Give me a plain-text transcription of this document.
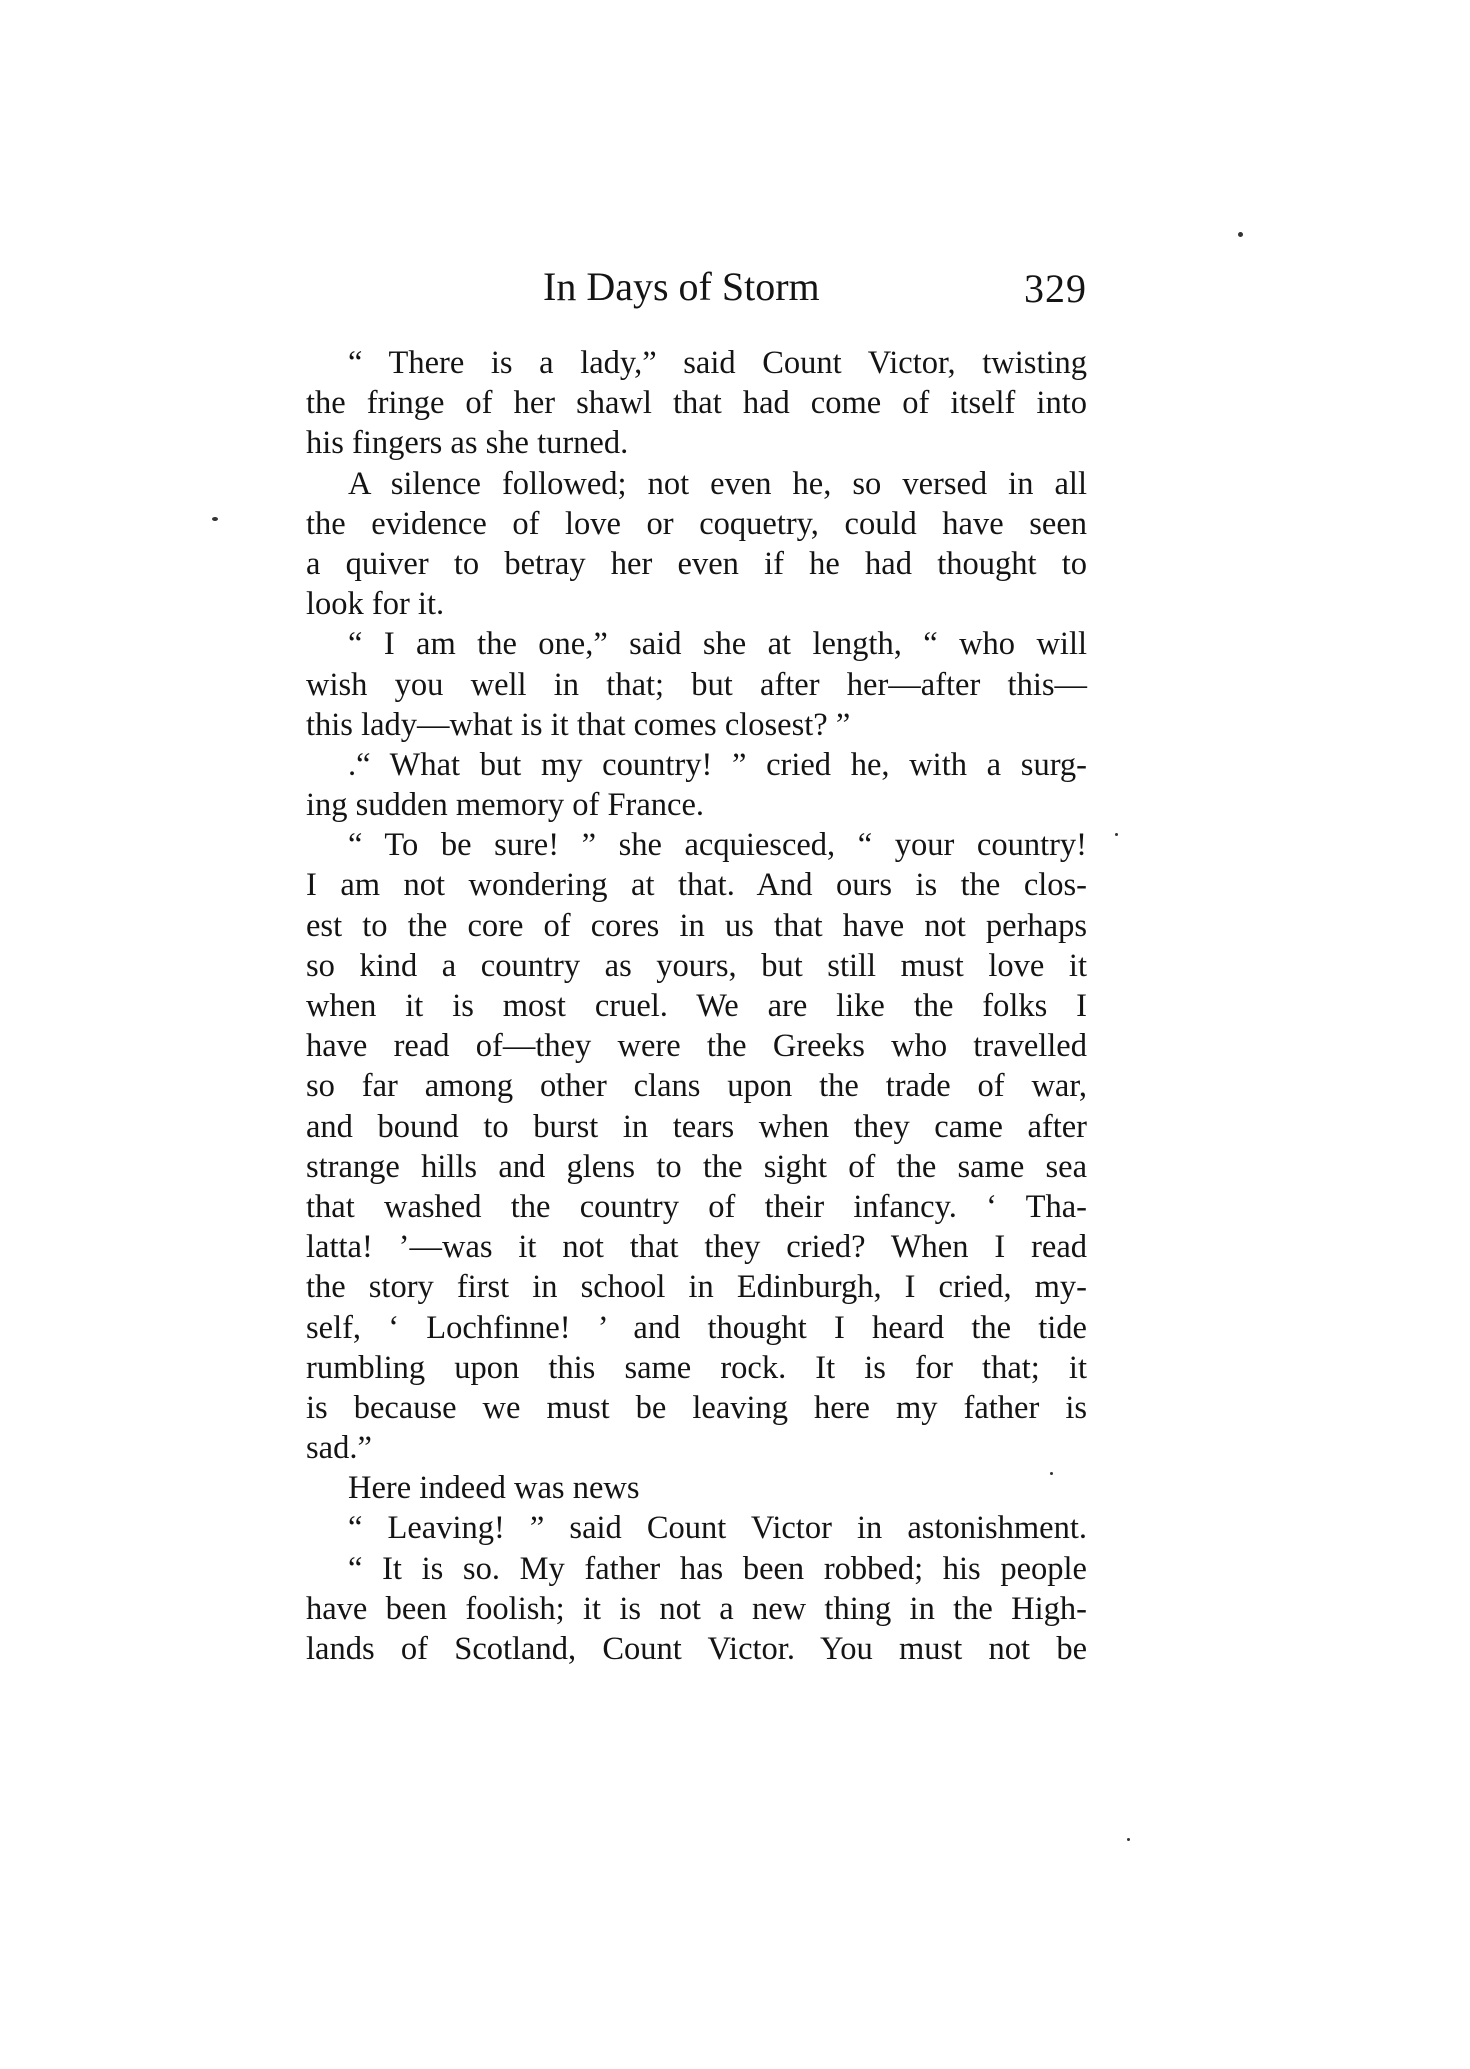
In Days of Storm	329
“ There is a lady,” said Count Victor, twisting
the fringe of her shawl that had come of itself into
his fingers as she turned.
A silence followed; not even he, so versed in all
the evidence of love or coquetry, could have seen
a quiver to betray her even if he had thought to
look for it.
“ I am the one,” said she at length, “ who will
wish you well in that; but after her—after this—
this lady—what is it that comes closest? ”
.“ What but my country! ” cried he, with a surg-
ing sudden memory of France.
“ To be sure! ” she acquiesced, “ your country!
I am not wondering at that. And ours is the clos-
est to the core of cores in us that have not perhaps
so kind a country as yours, but still must love it
when it is most cruel. We are like the folks I
have read of—they were the Greeks who travelled
so far among other clans upon the trade of war,
and bound to burst in tears when they came after
strange hills and glens to the sight of the same sea
that washed the country of their infancy. ‘ Tha-
latta! ’—was it not that they cried? When I read
the story first in school in Edinburgh, I cried, my-
self, ‘ Lochfinne! ’ and thought I heard the tide
rumbling upon this same rock. It is for that; it
is because we must be leaving here my father is
sad.”
Here indeed was news
“ Leaving! ” said Count Victor in astonishment.
“ It is so. My father has been robbed; his people
have been foolish; it is not a new thing in the High-
lands of Scotland, Count Victor. You must not be
